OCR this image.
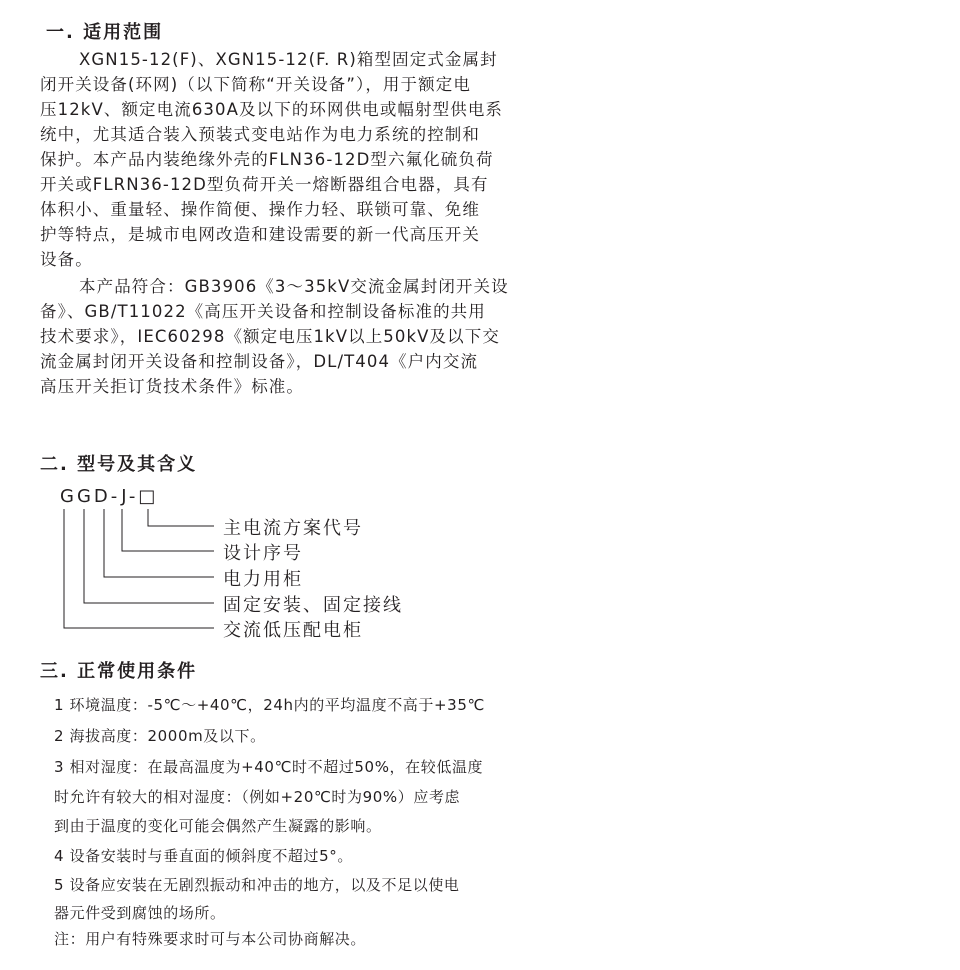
一. 适用范围
XGN15-12(F)、XGN15-12(F. R)箱型固定式金属封
闭开关设备(环网)（以下简称“开关设备”），用于额定电
压12kV、额定电流630A及以下的环网供电或幅射型供电系
统中，尤其适合装入预装式变电站作为电力系统的控制和
保护。本产品内装绝缘外壳的FLN36-12D型六氟化硫负荷
开关或FLRN36-12D型负荷开关一熔断器组合电器，具有
体积小、重量轻、操作简便、操作力轻、联锁可靠、免维
护等特点，是城市电网改造和建设需要的新一代高压开关
设备。
本产品符合：GB3906《3～35kV交流金属封闭开关设
备》、GB/T11022《高压开关设备和控制设备标准的共用
技术要求》，IEC60298《额定电压1kV以上50kV及以下交
流金属封闭开关设备和控制设备》，DL/T404《户内交流
高压开关拒订货技术条件》标准。
二. 型号及其含义
GGD-J-□
主电流方案代号
设计序号
电力用柜
固定安装、固定接线
交流低压配电柜
三. 正常使用条件
1 环境温度：-5℃～+40℃，24h内的平均温度不高于+35℃
2 海拔高度：2000m及以下。
3 相对湿度：在最高温度为+40℃时不超过50%，在较低温度
时允许有较大的相对湿度：（例如+20℃时为90%）应考虑
到由于温度的变化可能会偶然产生凝露的影响。
4 设备安装时与垂直面的倾斜度不超过5°。
5 设备应安装在无剧烈振动和冲击的地方，以及不足以使电
器元件受到腐蚀的场所。
注：用户有特殊要求时可与本公司协商解决。
